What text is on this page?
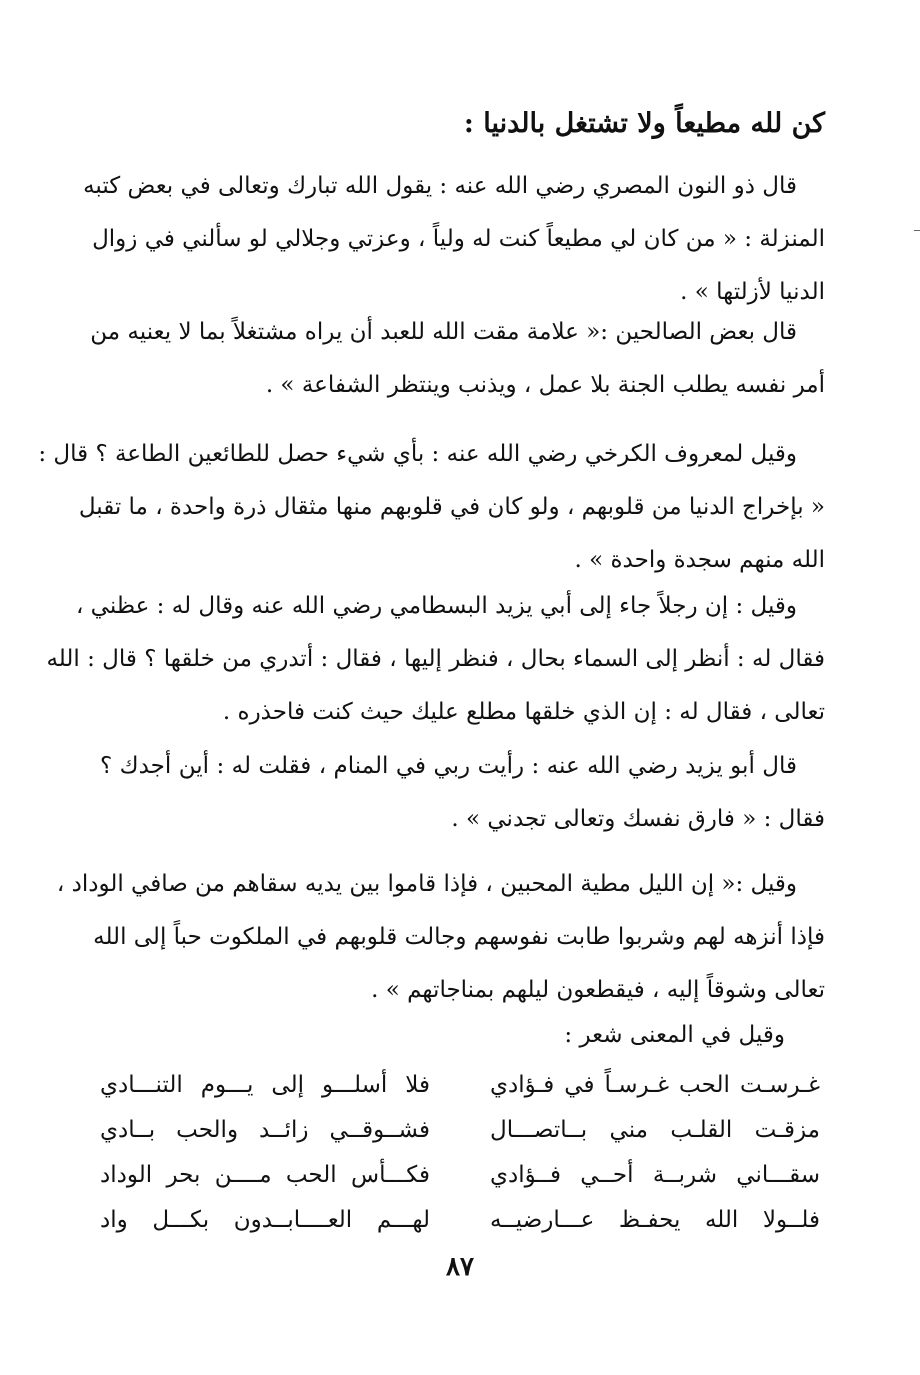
كن لله مطيعاً ولا تشتغل بالدنيا :
قال ذو النون المصري رضي الله عنه : يقول الله تبارك وتعالى في بعض كتبه
المنزلة : « من كان لي مطيعاً كنت له ولياً ، وعزتي وجلالي لو سألني في زوال
الدنيا لأزلتها » .
قال بعض الصالحين :« علامة مقت الله للعبد أن يراه مشتغلاً بما لا يعنيه من
أمر نفسه يطلب الجنة بلا عمل ، ويذنب وينتظر الشفاعة » .
وقيل لمعروف الكرخي رضي الله عنه : بأي شيء حصل للطائعين الطاعة ؟ قال :
« بإخراج الدنيا من قلوبهم ، ولو كان في قلوبهم منها مثقال ذرة واحدة ، ما تقبل
الله منهم سجدة واحدة » .
وقيل : إن رجلاً جاء إلى أبي يزيد البسطامي رضي الله عنه وقال له : عظني ،
فقال له : أنظر إلى السماء بحال ، فنظر إليها ، فقال : أتدري من خلقها ؟ قال : الله
تعالى ، فقال له : إن الذي خلقها مطلع عليك حيث كنت فاحذره .
قال أبو يزيد رضي الله عنه : رأيت ربي في المنام ، فقلت له : أين أجدك ؟
فقال : « فارق نفسك وتعالى تجدني » .
وقيل :« إن الليل مطية المحبين ، فإذا قاموا بين يديه سقاهم من صافي الوداد ،
فإذا أنزهه لهم وشربوا طابت نفوسهم وجالت قلوبهم في الملكوت حباً إلى الله
تعالى وشوقاً إليه ، فيقطعون ليلهم بمناجاتهم » .
وقيل في المعنى شعر :
غـرسـت الحب غـرسـاً في فـؤادي
فلا أسلـــو إلى يـــوم التنـــادي
مزقـت القلـب مني بــاتصـــال
فشــوقــي زائــد والحب بــادي
سقـــاني شربــة أحــي فــؤادي
فكـــأس الحب مــــن بحر الوداد
فلــولا الله يحفـظ عـــارضيــه
لهـــم العــــابــدون بكـــل واد
٨٧
